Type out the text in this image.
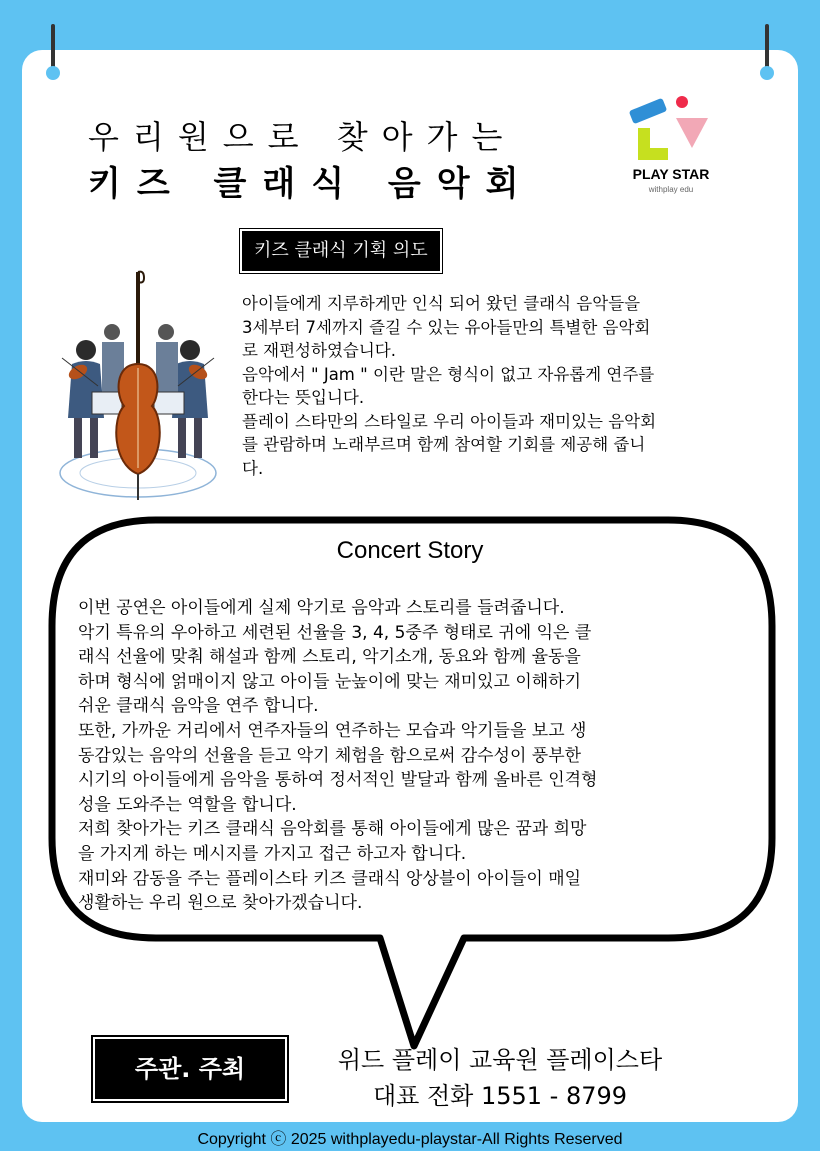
우리원으로 찾아가는
키즈 클래식 음악회	PLAY STAR
withplay edu
키즈 클래식 기획 의도
아이들에게 지루하게만 인식 되어 왔던 클래식 음악들을
3세부터 7세까지 즐길 수 있는 유아들만의 특별한 음악회
로 재편성하였습니다.
음악에서 " Jam " 이란 말은 형식이 없고 자유롭게 연주를
한다는 뜻입니다.
플레이 스타만의 스타일로 우리 아이들과 재미있는 음악회
를 관람하며 노래부르며 함께 참여할 기회를 제공해 줍니
다.
Concert Story
이번 공연은 아이들에게 실제 악기로 음악과 스토리를 들려줍니다.
악기 특유의 우아하고 세련된 선율을 3, 4, 5중주 형태로 귀에 익은 클
래식 선율에 맞춰 해설과 함께 스토리, 악기소개, 동요와 함께 율동을
하며 형식에 얽매이지 않고 아이들 눈높이에 맞는 재미있고 이해하기
쉬운 클래식 음악을 연주 합니다.
또한, 가까운 거리에서 연주자들의 연주하는 모습과 악기들을 보고 생
동감있는 음악의 선율을 듣고 악기 체험을 함으로써 감수성이 풍부한
시기의 아이들에게 음악을 통하여 정서적인 발달과 함께 올바른 인격형
성을 도와주는 역할을 합니다.
저희 찾아가는 키즈 클래식 음악회를 통해 아이들에게 많은 꿈과 희망
을 가지게 하는 메시지를 가지고 접근 하고자 합니다.
재미와 감동을 주는 플레이스타 키즈 클래식 앙상블이 아이들이 매일
생활하는 우리 원으로 찾아가겠습니다.
주관. 주최	위드 플레이 교육원 플레이스타
대표 전화 1551 - 8799
Copyright ⓒ 2025 withplayedu-playstar-All Rights Reserved
